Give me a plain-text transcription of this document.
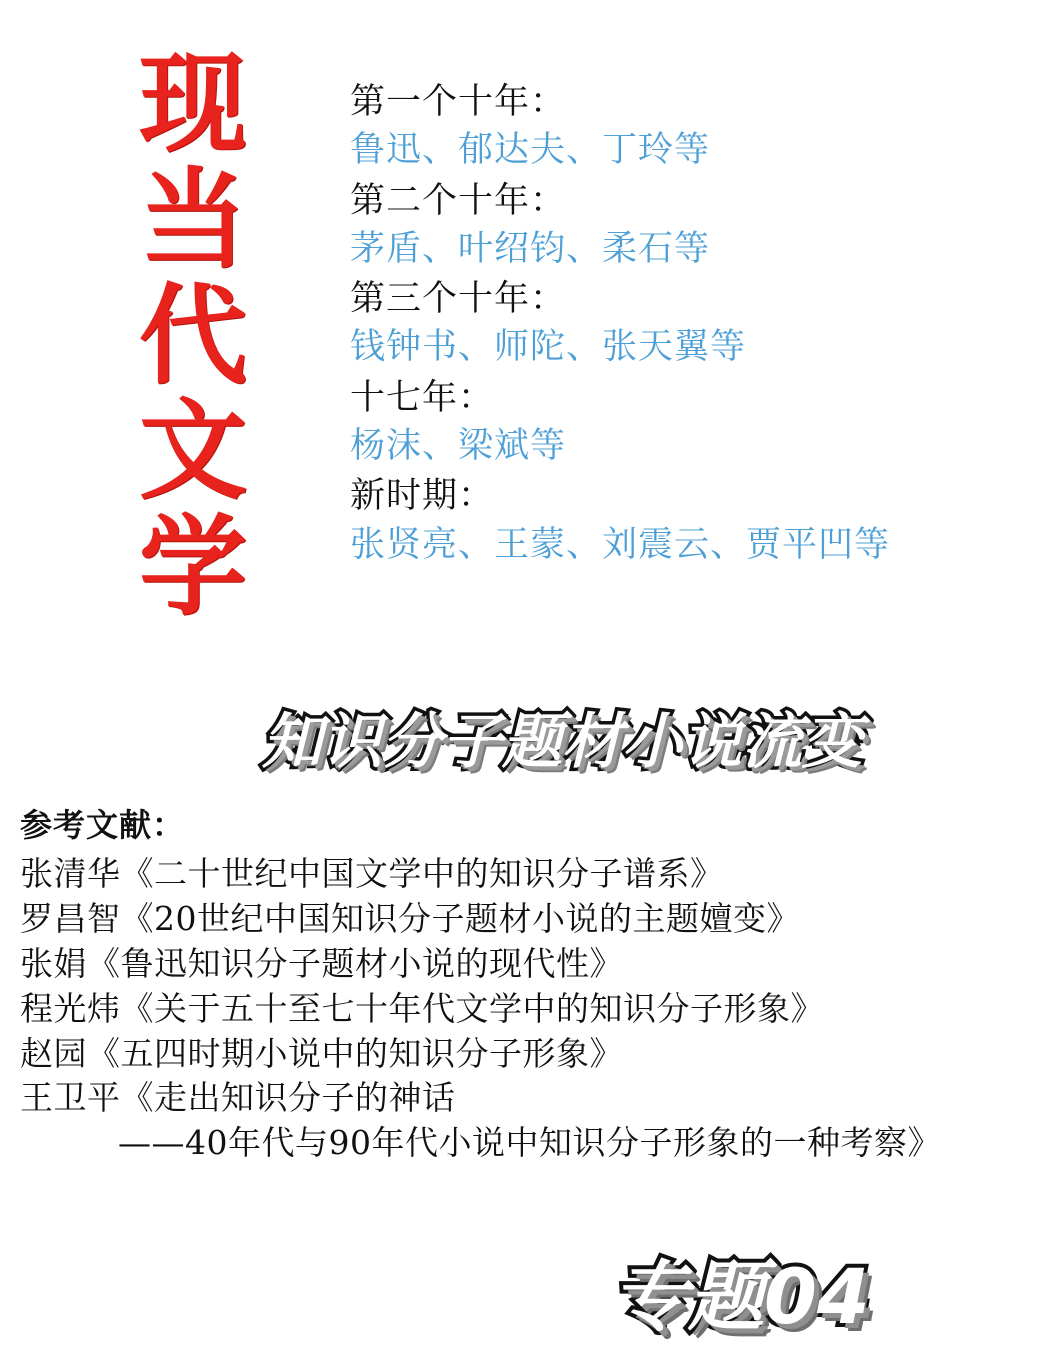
现
当
代
文
学
第一个十年：
鲁迅、郁达夫、丁玲等
第二个十年：
茅盾、叶绍钧、柔石等
第三个十年：
钱钟书、师陀、张天翼等
十七年：
杨沫、梁斌等
新时期：
张贤亮、王蒙、刘震云、贾平凹等
知识分子题材小说流变
参考文献：
张清华《二十世纪中国文学中的知识分子谱系》
罗昌智《20世纪中国知识分子题材小说的主题嬗变》
张娟《鲁迅知识分子题材小说的现代性》
程光炜《关于五十至七十年代文学中的知识分子形象》
赵园《五四时期小说中的知识分子形象》
王卫平《走出知识分子的神话
——40年代与90年代小说中知识分子形象的一种考察》
专题04
